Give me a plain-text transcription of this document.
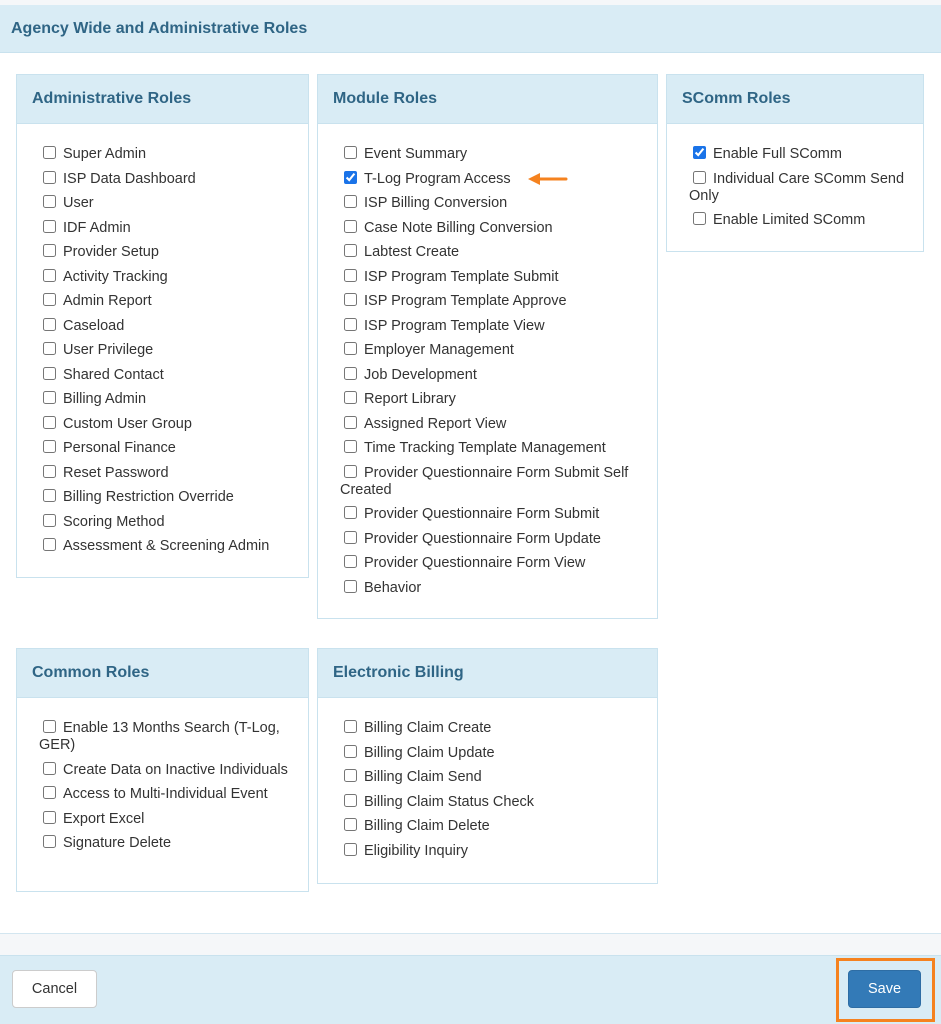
Agency Wide and Administrative Roles
Administrative Roles
Super Admin
ISP Data Dashboard
User
IDF Admin
Provider Setup
Activity Tracking
Admin Report
Caseload
User Privilege
Shared Contact
Billing Admin
Custom User Group
Personal Finance
Reset Password
Billing Restriction Override
Scoring Method
Assessment & Screening Admin
Module Roles
Event Summary
T-Log Program Access
ISP Billing Conversion
Case Note Billing Conversion
Labtest Create
ISP Program Template Submit
ISP Program Template Approve
ISP Program Template View
Employer Management
Job Development
Report Library
Assigned Report View
Time Tracking Template Management
Provider Questionnaire Form Submit Self Created
Provider Questionnaire Form Submit
Provider Questionnaire Form Update
Provider Questionnaire Form View
Behavior
SComm Roles
Enable Full SComm
Individual Care SComm Send Only
Enable Limited SComm
Common Roles
Enable 13 Months Search (T-Log, GER)
Create Data on Inactive Individuals
Access to Multi-Individual Event
Export Excel
Signature Delete
Electronic Billing
Billing Claim Create
Billing Claim Update
Billing Claim Send
Billing Claim Status Check
Billing Claim Delete
Eligibility Inquiry
Cancel	Save
